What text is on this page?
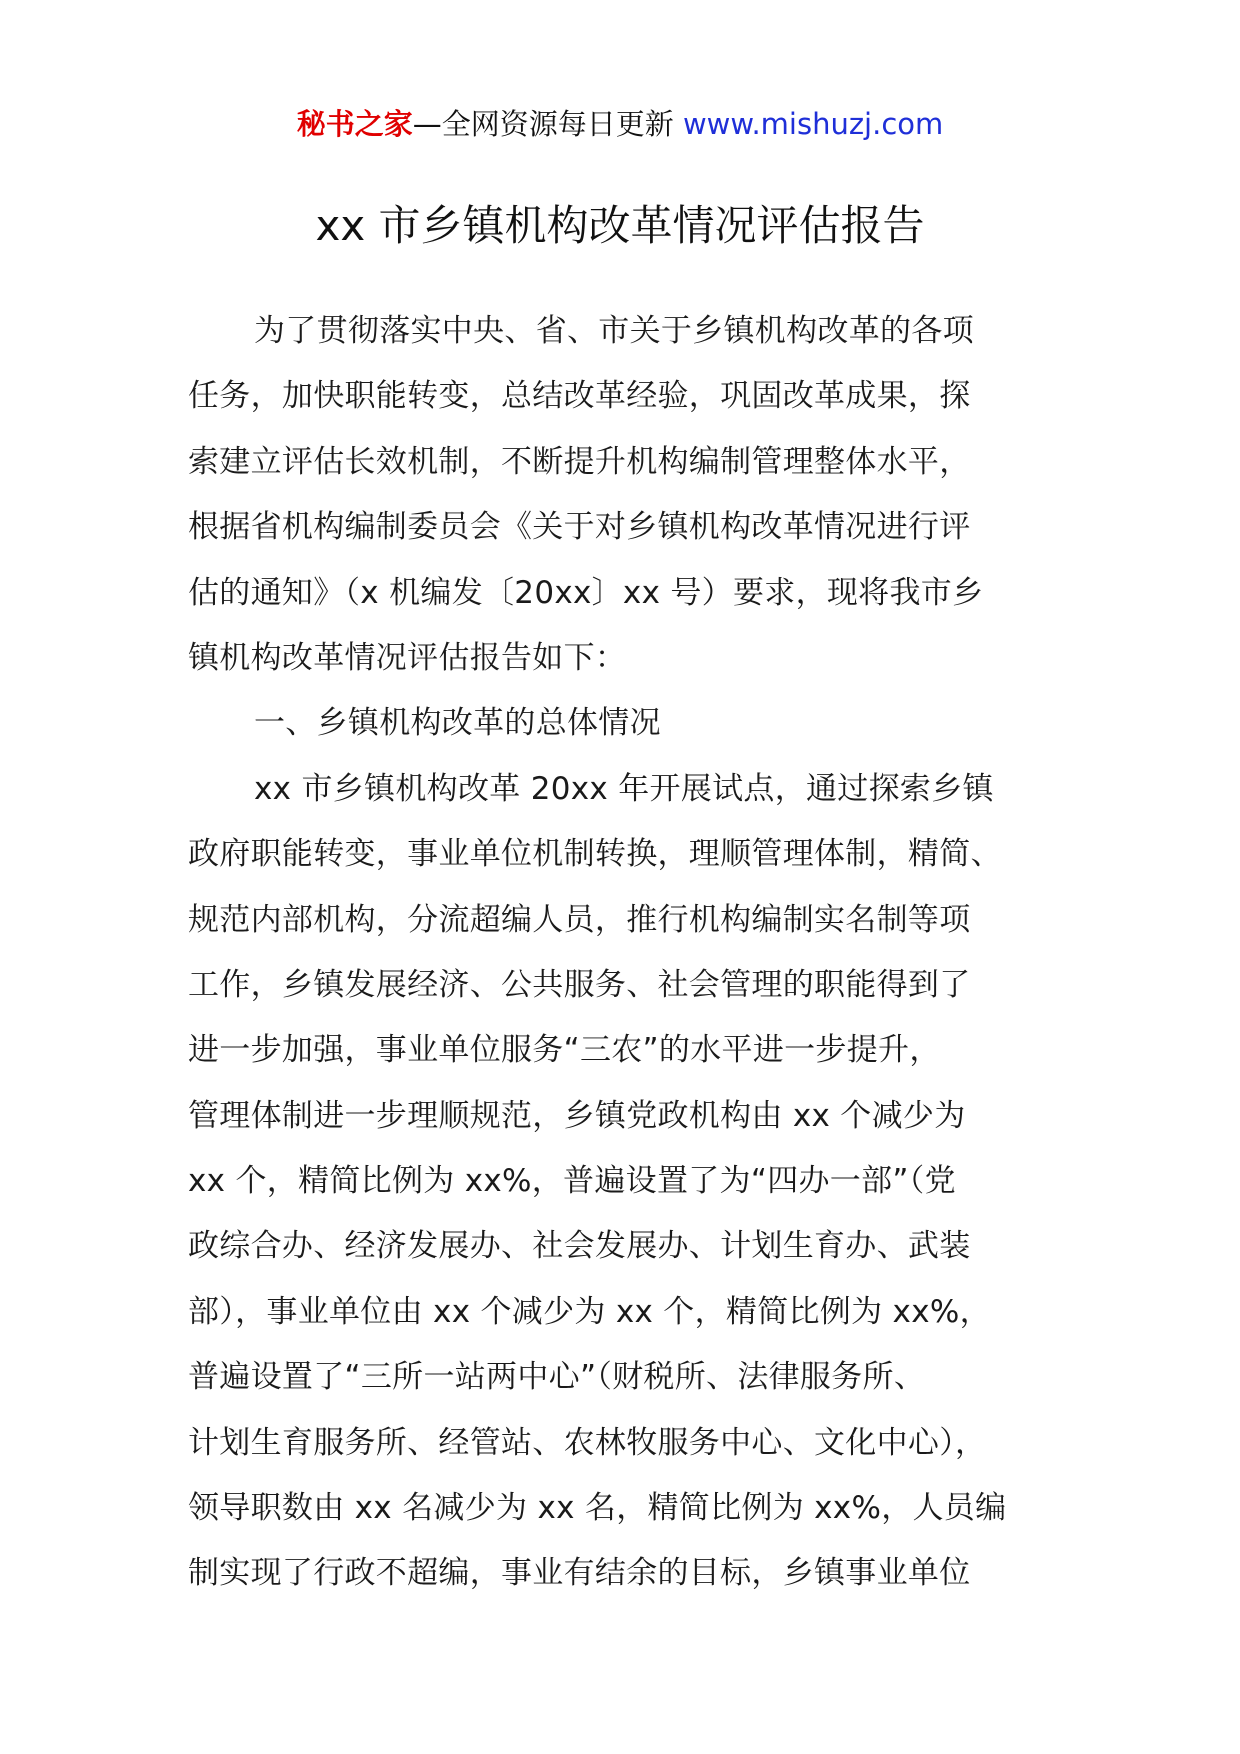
秘书之家—全网资源每日更新 www.mishuzj.com
xx 市乡镇机构改革情况评估报告
为了贯彻落实中央、省、市关于乡镇机构改革的各项
任务，加快职能转变，总结改革经验，巩固改革成果，探
索建立评估长效机制，不断提升机构编制管理整体水平，
根据省机构编制委员会《关于对乡镇机构改革情况进行评
估的通知》（x 机编发〔20xx〕xx 号）要求，现将我市乡
镇机构改革情况评估报告如下：
一、乡镇机构改革的总体情况
xx 市乡镇机构改革 20xx 年开展试点，通过探索乡镇
政府职能转变，事业单位机制转换，理顺管理体制，精简、
规范内部机构，分流超编人员，推行机构编制实名制等项
工作，乡镇发展经济、公共服务、社会管理的职能得到了
进一步加强，事业单位服务“三农”的水平进一步提升，
管理体制进一步理顺规范，乡镇党政机构由 xx 个减少为
xx 个，精简比例为 xx%，普遍设置了为“四办一部”（党
政综合办、经济发展办、社会发展办、计划生育办、武装
部），事业单位由 xx 个减少为 xx 个，精简比例为 xx%，
普遍设置了“三所一站两中心”（财税所、法律服务所、
计划生育服务所、经管站、农林牧服务中心、文化中心），
领导职数由 xx 名减少为 xx 名，精简比例为 xx%，人员编
制实现了行政不超编，事业有结余的目标，乡镇事业单位
